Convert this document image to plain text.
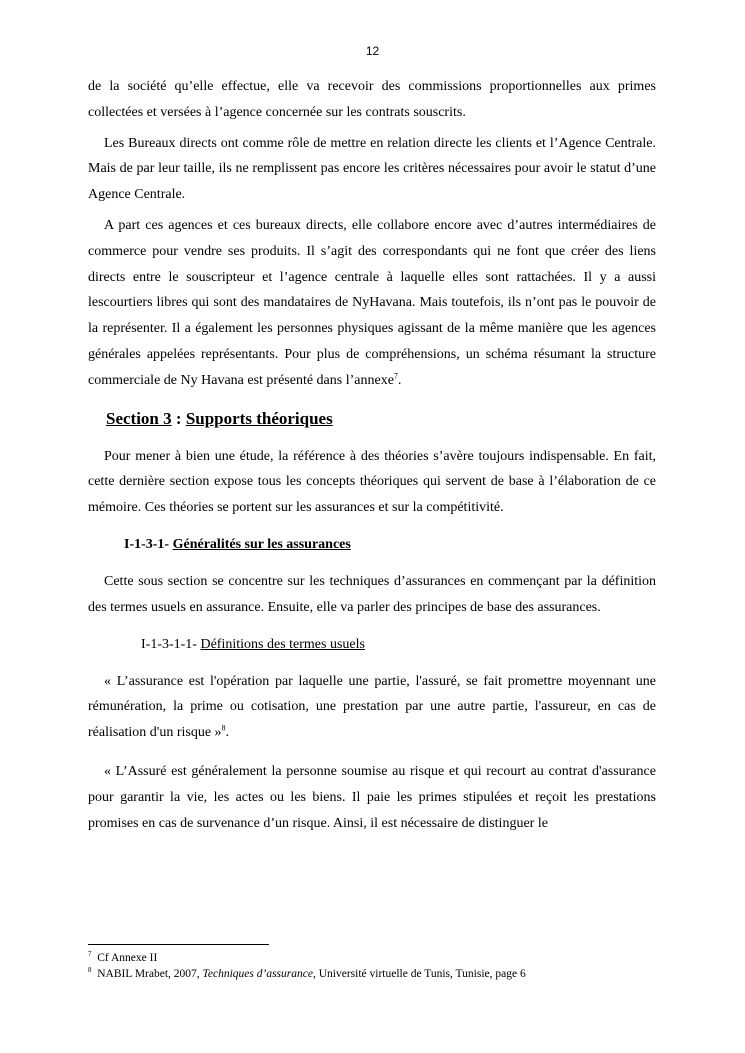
12

de la société qu’elle effectue, elle va recevoir des commissions proportionnelles aux primes collectées et versées à l’agence concernée sur les contrats souscrits.

Les Bureaux directs ont comme rôle de mettre en relation directe les clients et l’Agence Centrale. Mais de par leur taille, ils ne remplissent pas encore les critères nécessaires pour avoir le statut d’une Agence Centrale.

A part ces agences et ces bureaux directs, elle collabore encore avec d’autres intermédiaires de commerce pour vendre ses produits. Il s’agit des correspondants qui ne font que créer des liens directs entre le souscripteur et l’agence centrale à laquelle elles sont rattachées. Il y a aussi lescourtiers libres qui sont des mandataires de NyHavana. Mais toutefois, ils n’ont pas le pouvoir de la représenter. Il a également les personnes physiques agissant de la même manière que les agences générales appelées représentants. Pour plus de compréhensions, un schéma résumant la structure commerciale de Ny Havana est présenté dans l’annexe$^7$.

Section 3 : Supports théoriques

Pour mener à bien une étude, la référence à des théories s’avère toujours indispensable. En fait, cette dernière section expose tous les concepts théoriques qui servent de base à l’élaboration de ce mémoire. Ces théories se portent sur les assurances et sur la compétitivité.

I-1-3-1- Généralités sur les assurances

Cette sous section se concentre sur les techniques d’assurances en commençant par la définition des termes usuels en assurance. Ensuite, elle va parler des principes de base des assurances.

I-1-3-1-1- Définitions des termes usuels

« L’assurance est l'opération par laquelle une partie, l'assuré, se fait promettre moyennant une rémunération, la prime ou cotisation, une prestation par une autre partie, l'assureur, en cas de réalisation d'un risque »$^8$.

« L’Assuré est généralement la personne soumise au risque et qui recourt au contrat d'assurance pour garantir la vie, les actes ou les biens. Il paie les primes stipulées et reçoit les prestations promises en cas de survenance d’un risque. Ainsi, il est nécessaire de distinguer le

$^7$ Cf Annexe II
$^8$ NABIL Mrabet, 2007, Techniques d’assurance, Université virtuelle de Tunis, Tunisie, page 6
